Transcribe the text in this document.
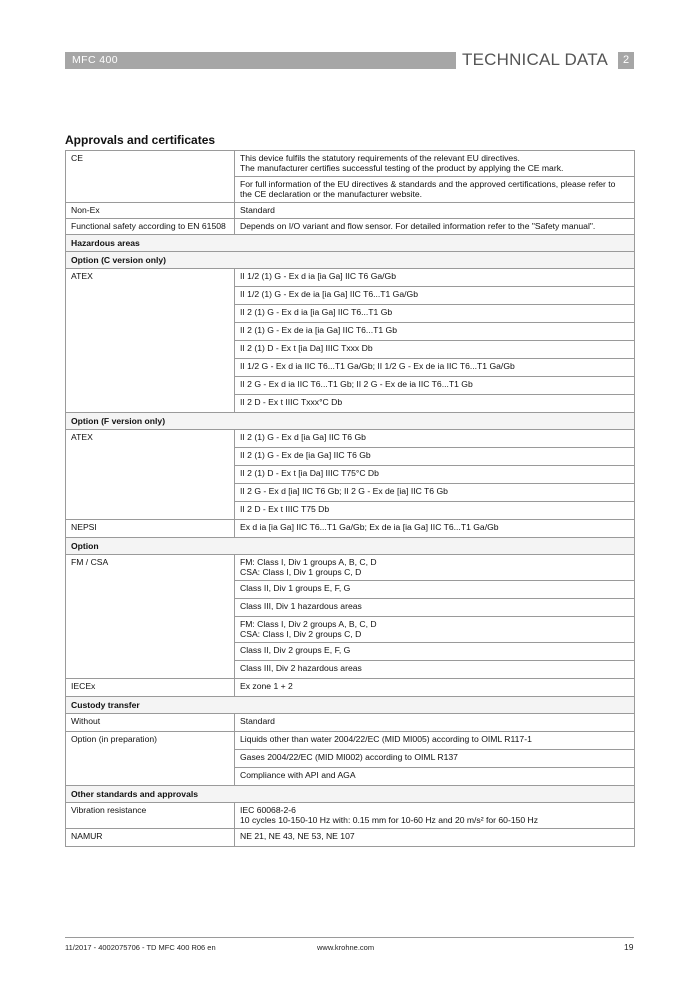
MFC 400	TECHNICAL DATA	2
Approvals and certificates
CE	This device fulfils the statutory requirements of the relevant EU directives.
The manufacturer certifies successful testing of the product by applying the CE mark.
	For full information of the EU directives & standards and the approved certifications, please refer to the CE declaration or the manufacturer website.
Non-Ex	Standard
Functional safety according to EN 61508	Depends on I/O variant and flow sensor. For detailed information refer to the "Safety manual".
Hazardous areas	
Option (C version only)	
ATEX	II 1/2 (1) G - Ex d ia [ia Ga] IIC T6 Ga/Gb
	II 1/2 (1) G - Ex de ia [ia Ga] IIC T6...T1 Ga/Gb
	II 2 (1) G - Ex d ia [ia Ga] IIC T6...T1 Gb
	II 2 (1) G - Ex de ia [ia Ga] IIC T6...T1 Gb
	II 2 (1) D - Ex t [ia Da] IIIC Txxx Db
	II 1/2 G - Ex d ia IIC T6...T1 Ga/Gb; II 1/2 G - Ex de ia IIC T6...T1 Ga/Gb
	II 2 G - Ex d ia IIC T6...T1 Gb; II 2 G - Ex de ia IIC T6...T1 Gb
	II 2 D - Ex t IIIC Txxx°C Db
Option (F version only)	
ATEX	II 2 (1) G - Ex d [ia Ga] IIC T6 Gb
	II 2 (1) G - Ex de [ia Ga] IIC T6 Gb
	II 2 (1) D - Ex t [ia Da] IIIC T75°C Db
	II 2 G - Ex d [ia] IIC T6 Gb; II 2 G - Ex de [ia] IIC T6 Gb
	II 2 D - Ex t IIIC T75 Db
NEPSI	Ex d ia [ia Ga] IIC T6...T1 Ga/Gb; Ex de ia [ia Ga] IIC T6...T1 Ga/Gb
Option	
FM / CSA	FM: Class I, Div 1 groups A, B, C, D
CSA: Class I, Div 1 groups C, D
	Class II, Div 1 groups E, F, G
	Class III, Div 1 hazardous areas
	FM: Class I, Div 2 groups A, B, C, D
CSA: Class I, Div 2 groups C, D
	Class II, Div 2 groups E, F, G
	Class III, Div 2 hazardous areas
IECEx	Ex zone 1 + 2
Custody transfer	
Without	Standard
Option (in preparation)	Liquids other than water 2004/22/EC (MID MI005) according to OIML R117-1
	Gases 2004/22/EC (MID MI002) according to OIML R137
	Compliance with API and AGA
Other standards and approvals	
Vibration resistance	IEC 60068-2-6
10 cycles 10-150-10 Hz with: 0.15 mm for 10-60 Hz and 20 m/s² for 60-150 Hz
NAMUR	NE 21, NE 43, NE 53, NE 107
11/2017 - 4002075706 - TD MFC 400 R06 en	www.krohne.com	19
